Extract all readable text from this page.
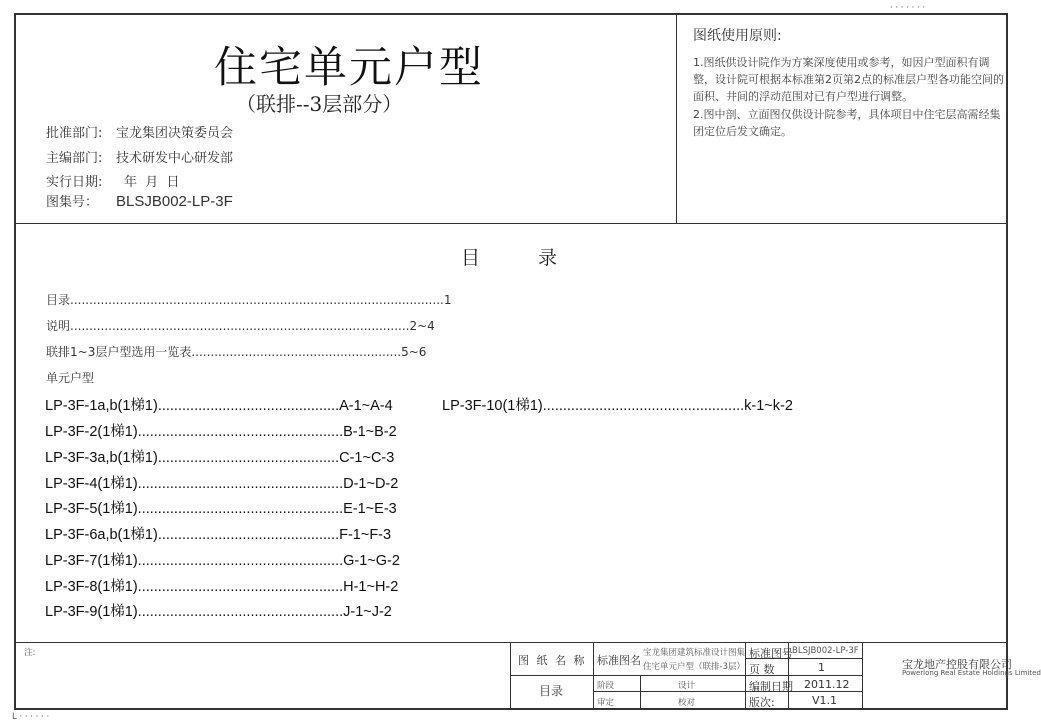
· · · · · · ·
L · · · · · ·
住宅单元户型
（联排--3层部分）
批准部门: 宝龙集团决策委员会
主编部门: 技术研发中心研发部
实行日期: 年  月  日
图集号： BLSJB002-LP-3F
图纸使用原则:
1.图纸供设计院作为方案深度使用或参考，如因户型面积有调整，设计院可根据本标准第2页第2点的标准层户型各功能空间的面积、井间的浮动范围对已有户型进行调整。
2.图中剖、立面图仅供设计院参考，具体项目中住宅层高需经集团定位后发文确定。
目 录
目录..................................................................................................1
说明.........................................................................................2~4
联排1~3层户型选用一览表.......................................................5~6
单元户型
LP-3F-1a,b(1梯1).............................................A-1~A-4
LP-3F-2(1梯1)...................................................B-1~B-2
LP-3F-3a,b(1梯1).............................................C-1~C-3
LP-3F-4(1梯1)...................................................D-1~D-2
LP-3F-5(1梯1)...................................................E-1~E-3
LP-3F-6a,b(1梯1).............................................F-1~F-3
LP-3F-7(1梯1)...................................................G-1~G-2
LP-3F-8(1梯1)...................................................H-1~H-2
LP-3F-9(1梯1)...................................................J-1~J-2
LP-3F-10(1梯1)..................................................k-1~k-2
注:
图 纸 名 称
目录
标准图名
宝龙集团建筑标准设计图集
住宅单元户型（联排-3层）
阶段	设计
审定	校对
标准图号 BLSJB002-LP-3F
页 数	1
编制日期 2011.12
版次:	V1.1
宝龙地产控股有限公司
Powerlong Real Estate Holdings Limited
